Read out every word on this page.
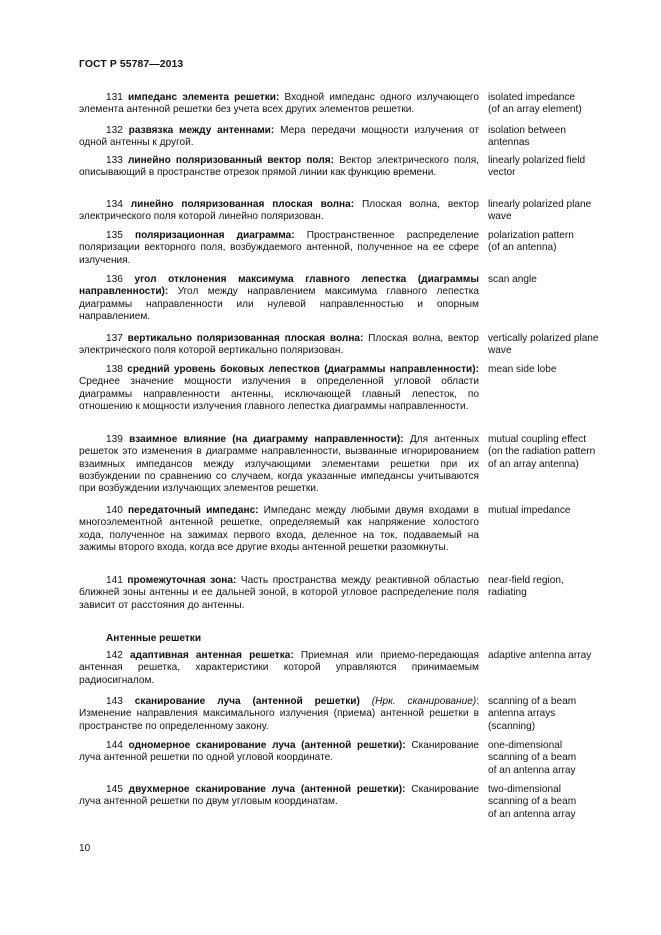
ГОСТ Р 55787—2013
131 импеданс элемента решетки: Входной импеданс одного излучающего элемента антенной решетки без учета всех других элементов решетки.
isolated impedance
(of an array element)
132 развязка между антеннами: Мера передачи мощности излучения от одной антенны к другой.
isolation between
antennas
133 линейно поляризованный вектор поля: Вектор электрического поля, описывающий в пространстве отрезок прямой линии как функцию времени.
linearly polarized field
vector
134 линейно поляризованная плоская волна: Плоская волна, вектор электрического поля которой линейно поляризован.
linearly polarized plane
wave
135 поляризационная диаграмма: Пространственное распределение поляризации векторного поля, возбуждаемого антенной, полученное на ее сфере излучения.
polarization pattern
(of an antenna)
136 угол отклонения максимума главного лепестка (диаграммы направленности): Угол между направлением максимума главного лепестка диаграммы направленности или нулевой направленностью и опорным направлением.
scan angle
137 вертикально поляризованная плоская волна: Плоская волна, вектор электрического поля которой вертикально поляризован.
vertically polarized plane
wave
138 средний уровень боковых лепестков (диаграммы направленности): Среднее значение мощности излучения в определенной угловой области диаграммы направленности антенны, исключающей главный лепесток, по отношению к мощности излучения главного лепестка диаграммы направленности.
mean side lobe
139 взаимное влияние (на диаграмму направленности): Для антенных решеток это изменения в диаграмме направленности, вызванные игнорированием взаимных импедансов между излучающими элементами решетки при их возбуждении по сравнению со случаем, когда указанные импедансы учитываются при возбуждении излучающих элементов решетки.
mutual coupling effect
(on the radiation pattern
of an array antenna)
140 передаточный импеданс: Импеданс между любыми двумя входами в многоэлементной антенной решетке, определяемый как напряжение холостого хода, полученное на зажимах первого входа, деленное на ток, подаваемый на зажимы второго входа, когда все другие входы антенной решетки разомкнуты.
mutual impedance
141 промежуточная зона: Часть пространства между реактивной областью ближней зоны антенны и ее дальней зоной, в которой угловое распределение поля зависит от расстояния до антенны.
near-field region,
radiating
Антенные решетки
142 адаптивная антенная решетка: Приемная или приемо-передающая антенная решетка, характеристики которой управляются принимаемым радиосигналом.
adaptive antenna array
143 сканирование луча (антенной решетки) (Нрк. сканирование): Изменение направления максимального излучения (приема) антенной решетки в пространстве по определенному закону.
scanning of a beam
antenna arrays
(scanning)
144 одномерное сканирование луча (антенной решетки): Сканирование луча антенной решетки по одной угловой координате.
one-dimensional
scanning of a beam
of an antenna array
145 двухмерное сканирование луча (антенной решетки): Сканирование луча антенной решетки по двум угловым координатам.
two-dimensional
scanning of a beam
of an antenna array
10
